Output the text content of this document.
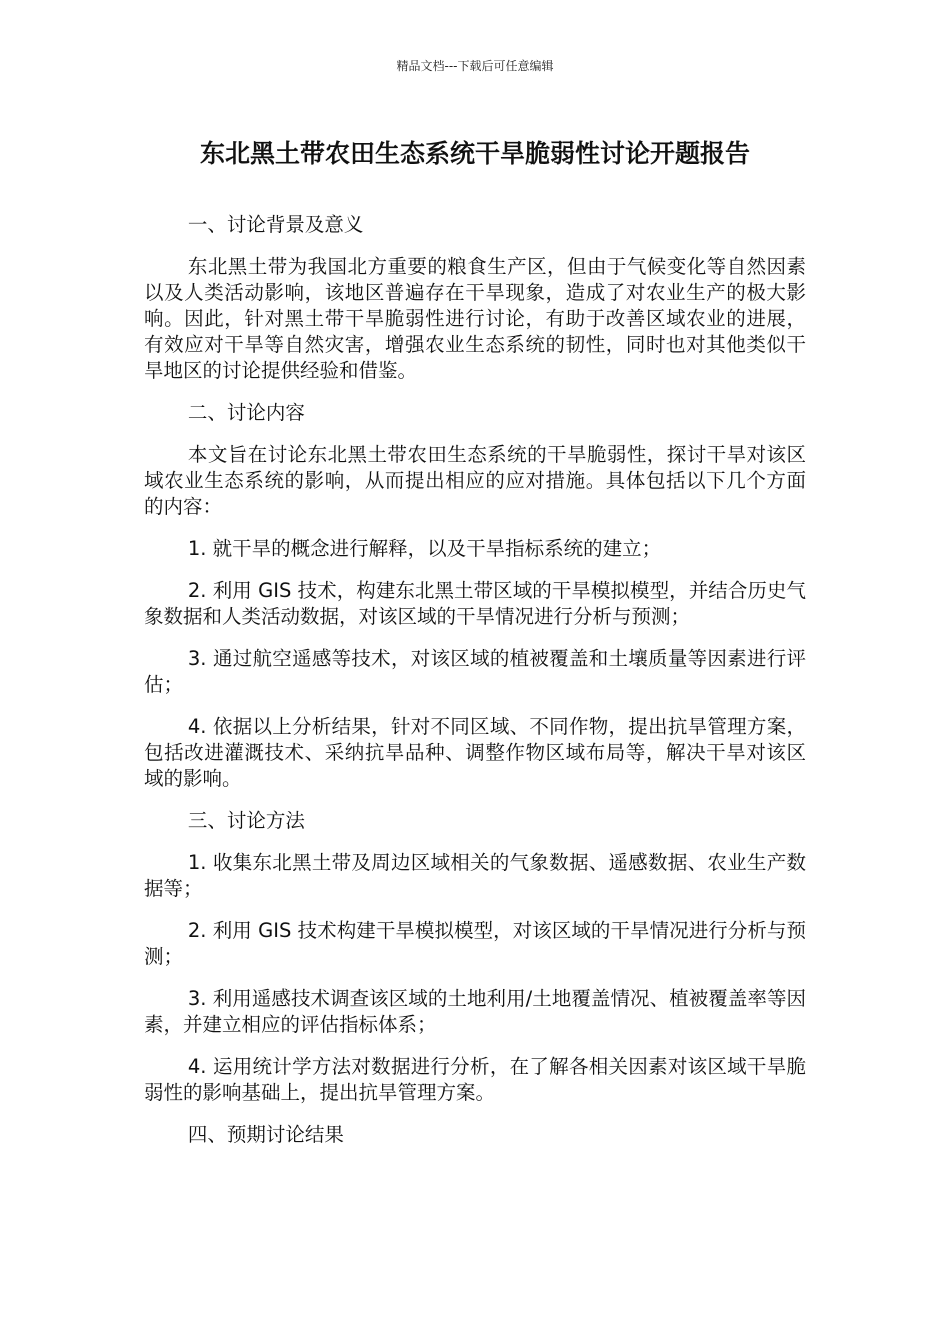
精品文档---下载后可任意编辑
东北黑土带农田生态系统干旱脆弱性讨论开题报告

一、讨论背景及意义

东北黑土带为我国北方重要的粮食生产区，但由于气候变化等自然因素以及人类活动影响，该地区普遍存在干旱现象，造成了对农业生产的极大影响。因此，针对黑土带干旱脆弱性进行讨论，有助于改善区域农业的进展，有效应对干旱等自然灾害，增强农业生态系统的韧性，同时也对其他类似干旱地区的讨论提供经验和借鉴。

二、讨论内容

本文旨在讨论东北黑土带农田生态系统的干旱脆弱性，探讨干旱对该区域农业生态系统的影响，从而提出相应的应对措施。具体包括以下几个方面的内容：

1. 就干旱的概念进行解释，以及干旱指标系统的建立；

2. 利用 GIS 技术，构建东北黑土带区域的干旱模拟模型，并结合历史气象数据和人类活动数据，对该区域的干旱情况进行分析与预测；

3. 通过航空遥感等技术，对该区域的植被覆盖和土壤质量等因素进行评估；

4. 依据以上分析结果，针对不同区域、不同作物，提出抗旱管理方案，包括改进灌溉技术、采纳抗旱品种、调整作物区域布局等，解决干旱对该区域的影响。

三、讨论方法

1. 收集东北黑土带及周边区域相关的气象数据、遥感数据、农业生产数据等；

2. 利用 GIS 技术构建干旱模拟模型，对该区域的干旱情况进行分析与预测；

3. 利用遥感技术调查该区域的土地利用/土地覆盖情况、植被覆盖率等因素，并建立相应的评估指标体系；

4. 运用统计学方法对数据进行分析，在了解各相关因素对该区域干旱脆弱性的影响基础上，提出抗旱管理方案。

四、预期讨论结果
